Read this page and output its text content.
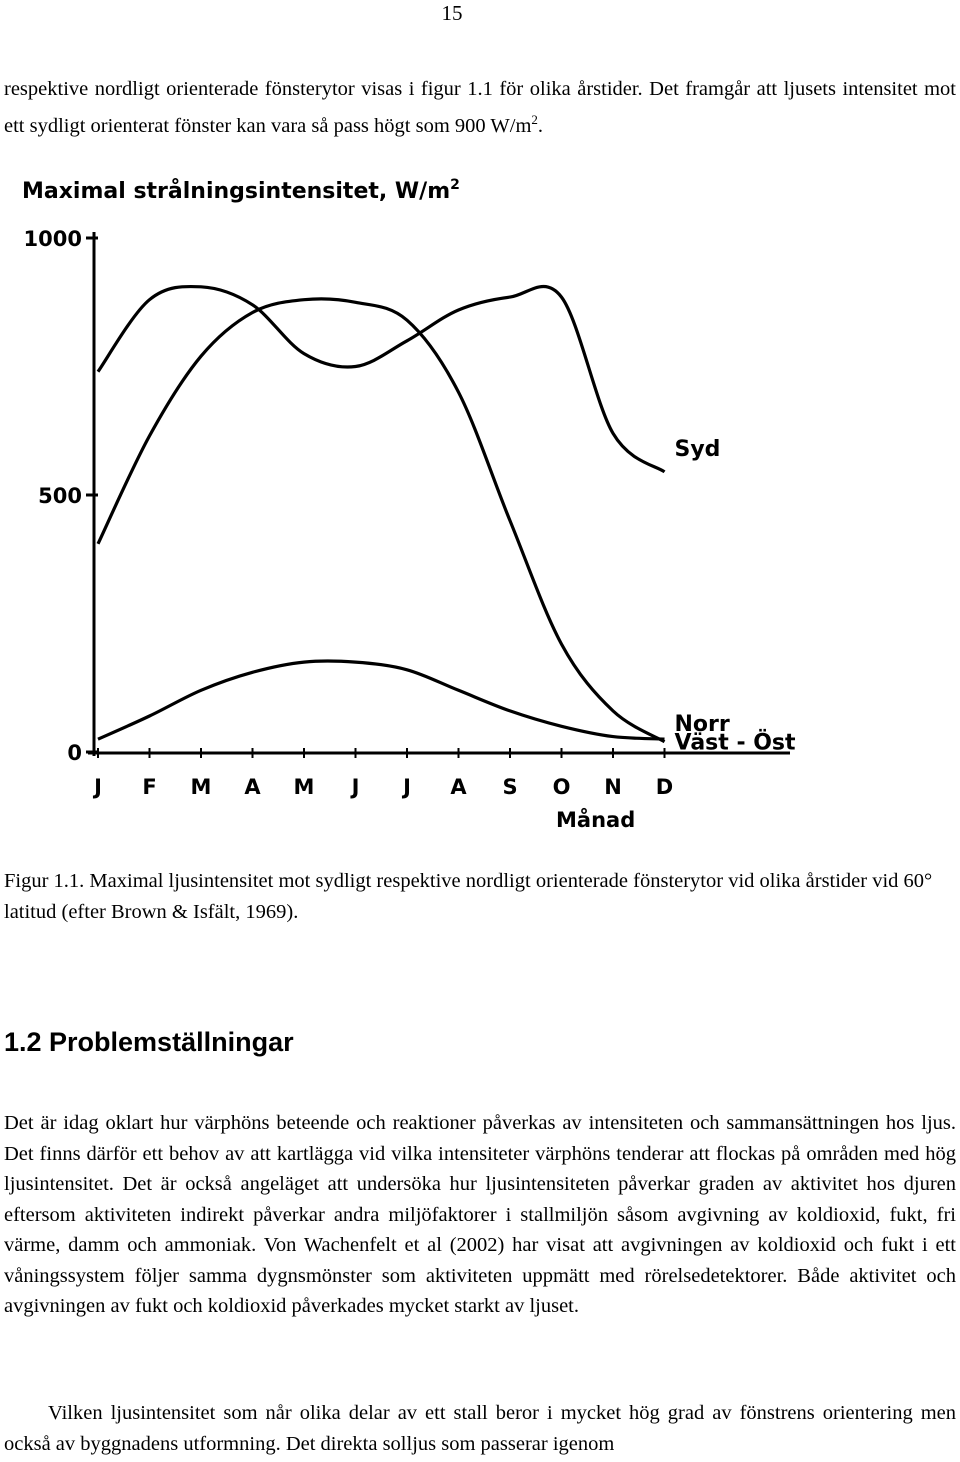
15

respektive nordligt orienterade fönsterytor visas i figur 1.1 för olika årstider. Det framgår att ljusets intensitet mot ett sydligt orienterat fönster kan vara så pass högt som 900 $W/m^2$.

Maximal strålningsintensitet, $W/m^2$
0
500
1000
J F M A M J J A S O N D
Syd
Väst - Öst
Norr
Månad

Figur 1.1. Maximal ljusintensitet mot sydligt respektive nordligt orienterade fönsterytor vid olika årstider vid 60° latitud (efter Brown & Isfält, 1969).

1.2 Problemställningar

Det är idag oklart hur värphöns beteende och reaktioner påverkas av intensiteten och sammansättningen hos ljus. Det finns därför ett behov av att kartlägga vid vilka intensiteter värphöns tenderar att flockas på områden med hög ljusintensitet. Det är också angeläget att undersöka hur ljusintensiteten påverkar graden av aktivitet hos djuren eftersom aktiviteten indirekt påverkar andra miljöfaktorer i stallmiljön såsom avgivning av koldioxid, fukt, fri värme, damm och ammoniak. Von Wachenfelt et al (2002) har visat att avgivningen av koldioxid och fukt i ett våningssystem följer samma dygnsmönster som aktiviteten uppmätt med rörelsedetektorer. Både aktivitet och avgivningen av fukt och koldioxid påverkades mycket starkt av ljuset.

Vilken ljusintensitet som når olika delar av ett stall beror i mycket hög grad av fönstrens orientering men också av byggnadens utformning. Det direkta solljus som passerar igenom
